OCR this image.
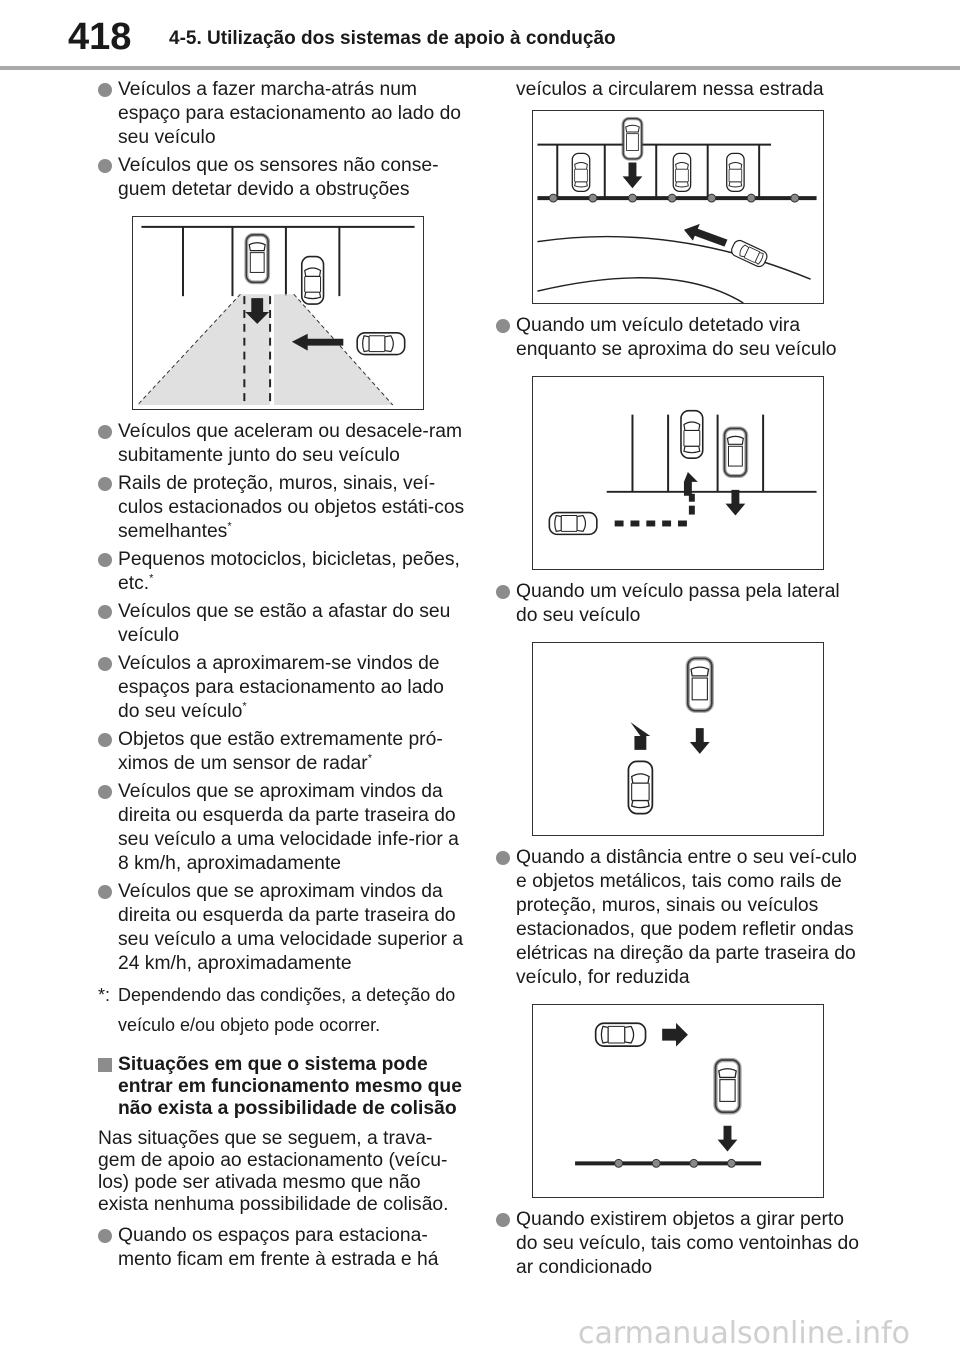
418 4-5. Utilização dos sistemas de apoio à condução
Veículos a fazer marcha-atrás num espaço para estacionamento ao lado do seu veículo
Veículos que os sensores não conse-guem detetar devido a obstruções
Veículos que aceleram ou desacele-ram subitamente junto do seu veículo
Rails de proteção, muros, sinais, veí-culos estacionados ou objetos estáti-cos semelhantes*
Pequenos motociclos, bicicletas, peões, etc.*
Veículos que se estão a afastar do seu veículo
Veículos a aproximarem-se vindos de espaços para estacionamento ao lado do seu veículo*
Objetos que estão extremamente pró-ximos de um sensor de radar*
Veículos que se aproximam vindos da direita ou esquerda da parte traseira do seu veículo a uma velocidade infe-rior a 8 km/h, aproximadamente
Veículos que se aproximam vindos da direita ou esquerda da parte traseira do seu veículo a uma velocidade superior a 24 km/h, aproximadamente
*: Dependendo das condições, a deteção do veículo e/ou objeto pode ocorrer.
Situações em que o sistema pode entrar em funcionamento mesmo que não exista a possibilidade de colisão
Nas situações que se seguem, a trava-gem de apoio ao estacionamento (veícu-los) pode ser ativada mesmo que não exista nenhuma possibilidade de colisão.
Quando os espaços para estaciona-mento ficam em frente à estrada e há
veículos a circularem nessa estrada
Quando um veículo detetado vira enquanto se aproxima do seu veículo
Quando um veículo passa pela lateral do seu veículo
Quando a distância entre o seu veí-culo e objetos metálicos, tais como rails de proteção, muros, sinais ou veículos estacionados, que podem refletir ondas elétricas na direção da parte traseira do veículo, for reduzida
Quando existirem objetos a girar perto do seu veículo, tais como ventoinhas do ar condicionado
carmanualsonline.info
